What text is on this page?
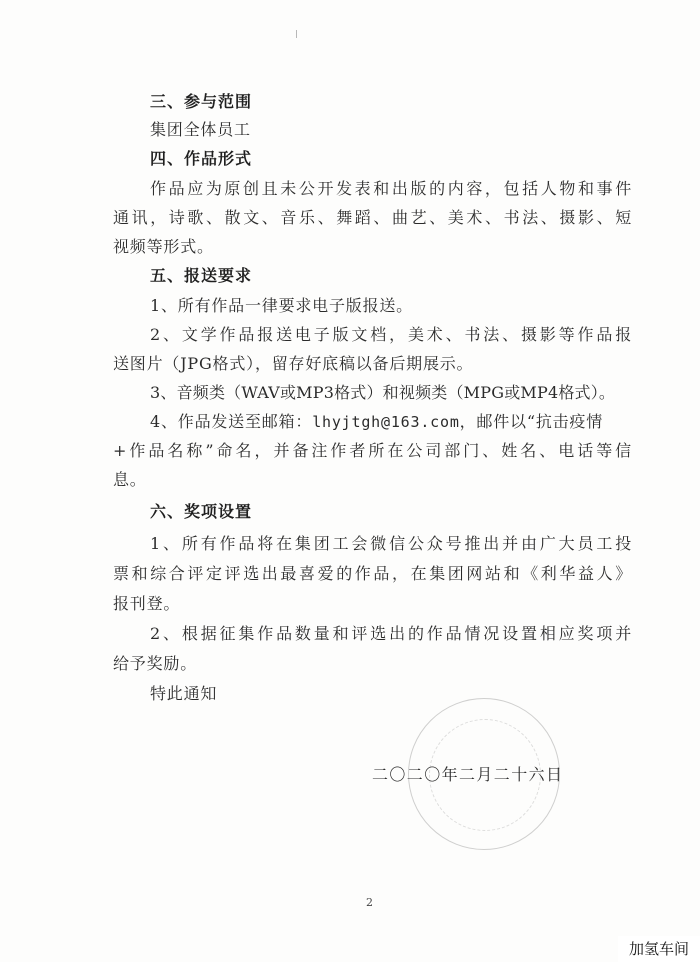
三、参与范围
集团全体员工
四、作品形式
作品应为原创且未公开发表和出版的内容，包括人物和事件
通讯，诗歌、散文、音乐、舞蹈、曲艺、美术、书法、摄影、短
视频等形式。
五、报送要求
1、所有作品一律要求电子版报送。
2、文学作品报送电子版文档，美术、书法、摄影等作品报
送图片（JPG格式），留存好底稿以备后期展示。
3、音频类（WAV或MP3格式）和视频类（MPG或MP4格式）。
4、作品发送至邮箱：lhyjtgh@163.com，邮件以“抗击疫情
+作品名称”命名，并备注作者所在公司部门、姓名、电话等信
息。
六、奖项设置
1、所有作品将在集团工会微信公众号推出并由广大员工投
票和综合评定评选出最喜爱的作品，在集团网站和《利华益人》
报刊登。
2、根据征集作品数量和评选出的作品情况设置相应奖项并
给予奖励。
特此通知
二〇二〇年二月二十六日
2
加氢车间
